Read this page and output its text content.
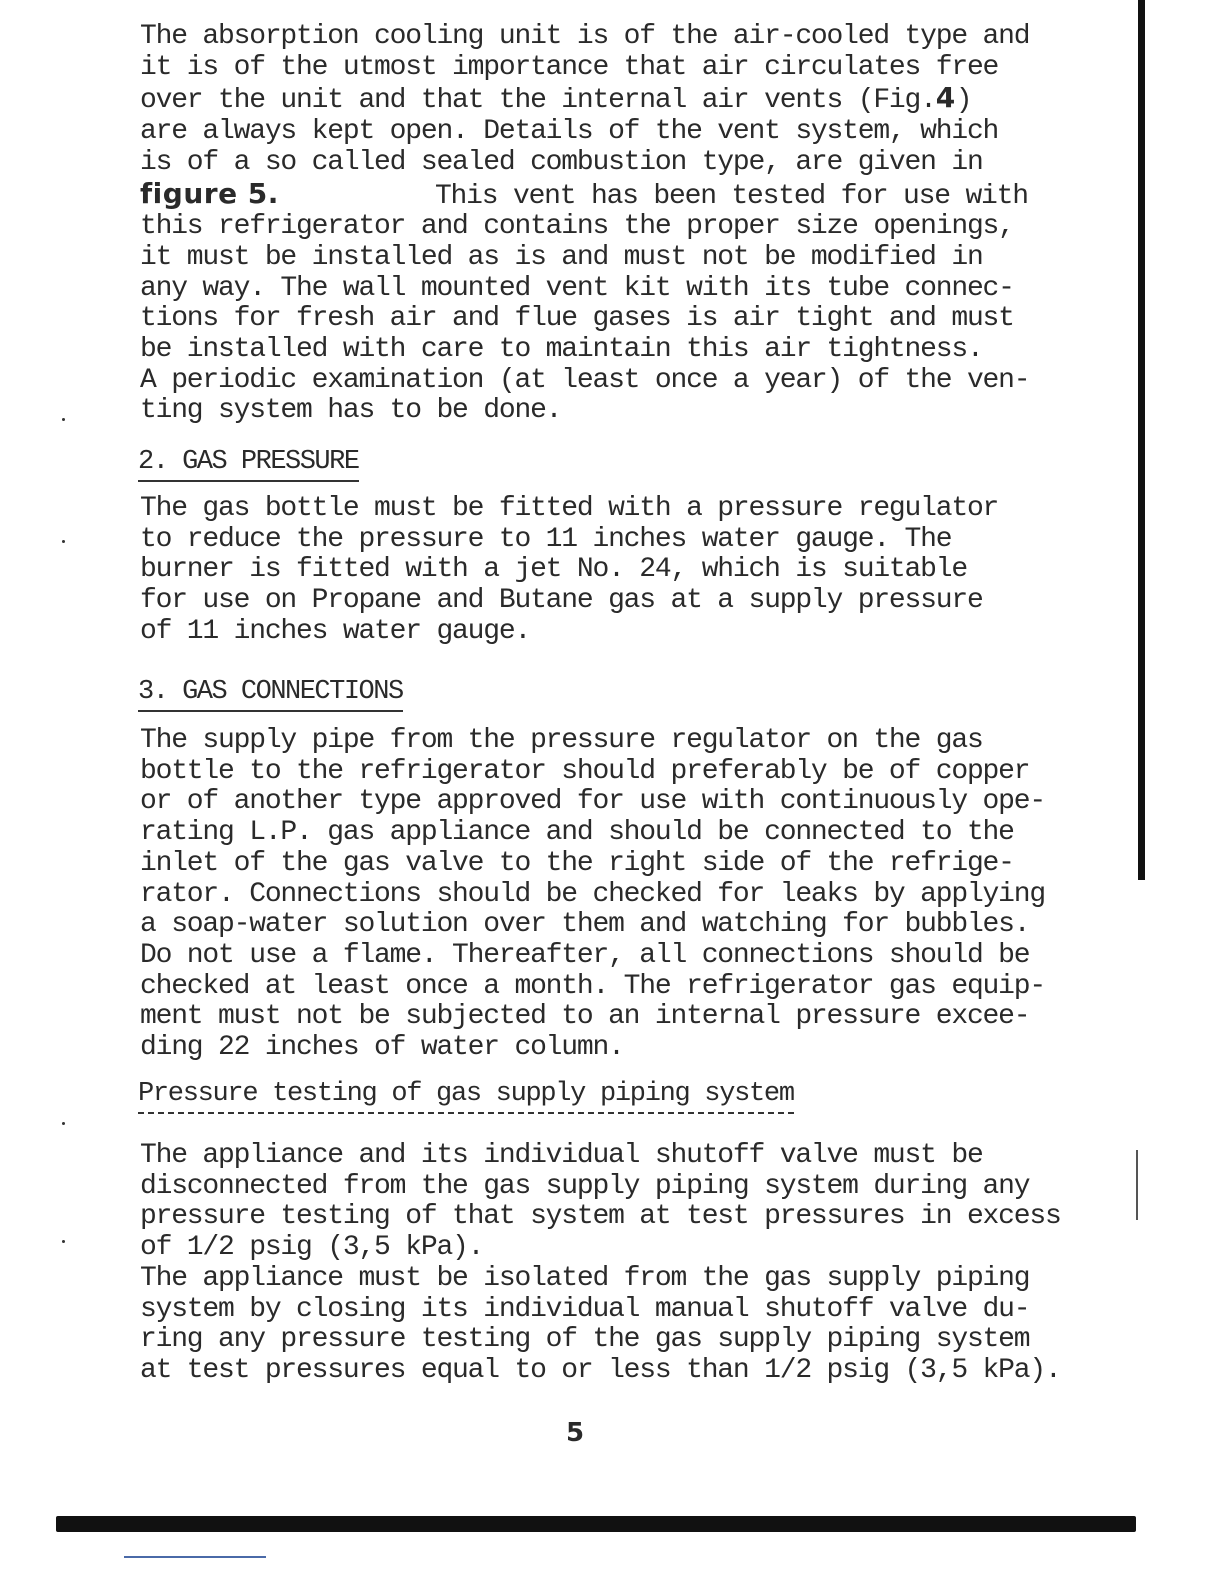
The absorption cooling unit is of the air-cooled type and
it is of the utmost importance that air circulates free
over the unit and that the internal air vents (Fig.4)
are always kept open. Details of the vent system, which
is of a so called sealed combustion type, are given in
figure 5.	This vent has been tested for use with
this refrigerator and contains the proper size openings,
it must be installed as is and must not be modified in
any way. The wall mounted vent kit with its tube connec-
tions for fresh air and flue gases is air tight and must
be installed with care to maintain this air tightness.
A periodic examination (at least once a year) of the ven-
ting system has to be done.
2. GAS PRESSURE
The gas bottle must be fitted with a pressure regulator
to reduce the pressure to 11 inches water gauge. The
burner is fitted with a jet No. 24, which is suitable
for use on Propane and Butane gas at a supply pressure
of 11 inches water gauge.
3. GAS CONNECTIONS
The supply pipe from the pressure regulator on the gas
bottle to the refrigerator should preferably be of copper
or of another type approved for use with continuously ope-
rating L.P. gas appliance and should be connected to the
inlet of the gas valve to the right side of the refrige-
rator. Connections should be checked for leaks by applying
a soap-water solution over them and watching for bubbles.
Do not use a flame. Thereafter, all connections should be
checked at least once a month. The refrigerator gas equip-
ment must not be subjected to an internal pressure excee-
ding 22 inches of water column.
Pressure testing of gas supply piping system
The appliance and its individual shutoff valve must be
disconnected from the gas supply piping system during any
pressure testing of that system at test pressures in excess
of 1/2 psig (3,5 kPa).
The appliance must be isolated from the gas supply piping
system by closing its individual manual shutoff valve du-
ring any pressure testing of the gas supply piping system
at test pressures equal to or less than 1/2 psig (3,5 kPa).
5
